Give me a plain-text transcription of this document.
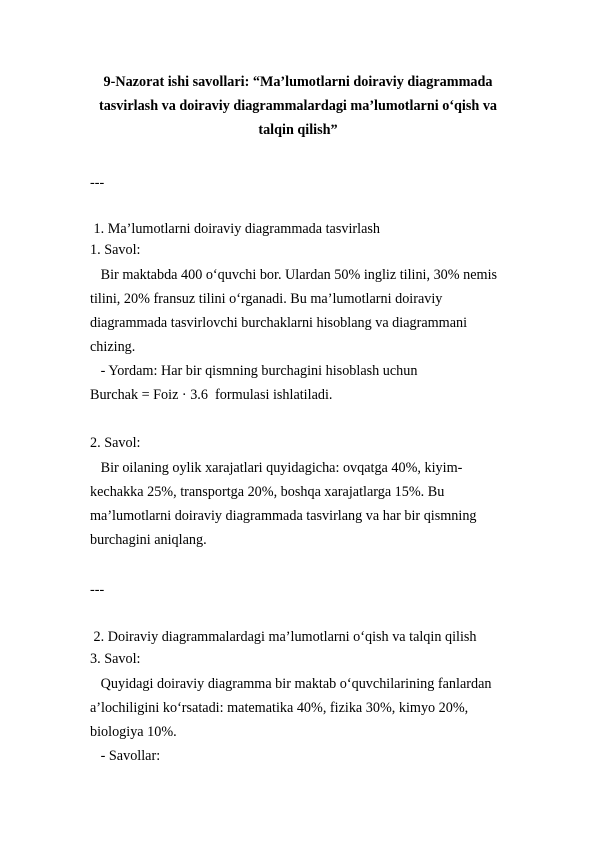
9-Nazorat ishi savollari: “Ma’lumotlarni doiraviy diagrammada
tasvirlash va doiraviy diagrammalardagi ma’lumotlarni o‘qish va
talqin qilish”
---
1. Ma’lumotlarni doiraviy diagrammada tasvirlash
1. Savol:
Bir maktabda 400 o‘quvchi bor. Ulardan 50% ingliz tilini, 30% nemis
tilini, 20% fransuz tilini o‘rganadi. Bu ma’lumotlarni doiraviy
diagrammada tasvirlovchi burchaklarni hisoblang va diagrammani
chizing.
- Yordam: Har bir qismning burchagini hisoblash uchun
Burchak = Foiz · 3.6  formulasi ishlatiladi.
2. Savol:
Bir oilaning oylik xarajatlari quyidagicha: ovqatga 40%, kiyim-
kechakka 25%, transportga 20%, boshqa xarajatlarga 15%. Bu
ma’lumotlarni doiraviy diagrammada tasvirlang va har bir qismning
burchagini aniqlang.
---
2. Doiraviy diagrammalardagi ma’lumotlarni o‘qish va talqin qilish
3. Savol:
Quyidagi doiraviy diagramma bir maktab o‘quvchilarining fanlardan
a’lochiligini ko‘rsatadi: matematika 40%, fizika 30%, kimyo 20%,
biologiya 10%.
- Savollar:
